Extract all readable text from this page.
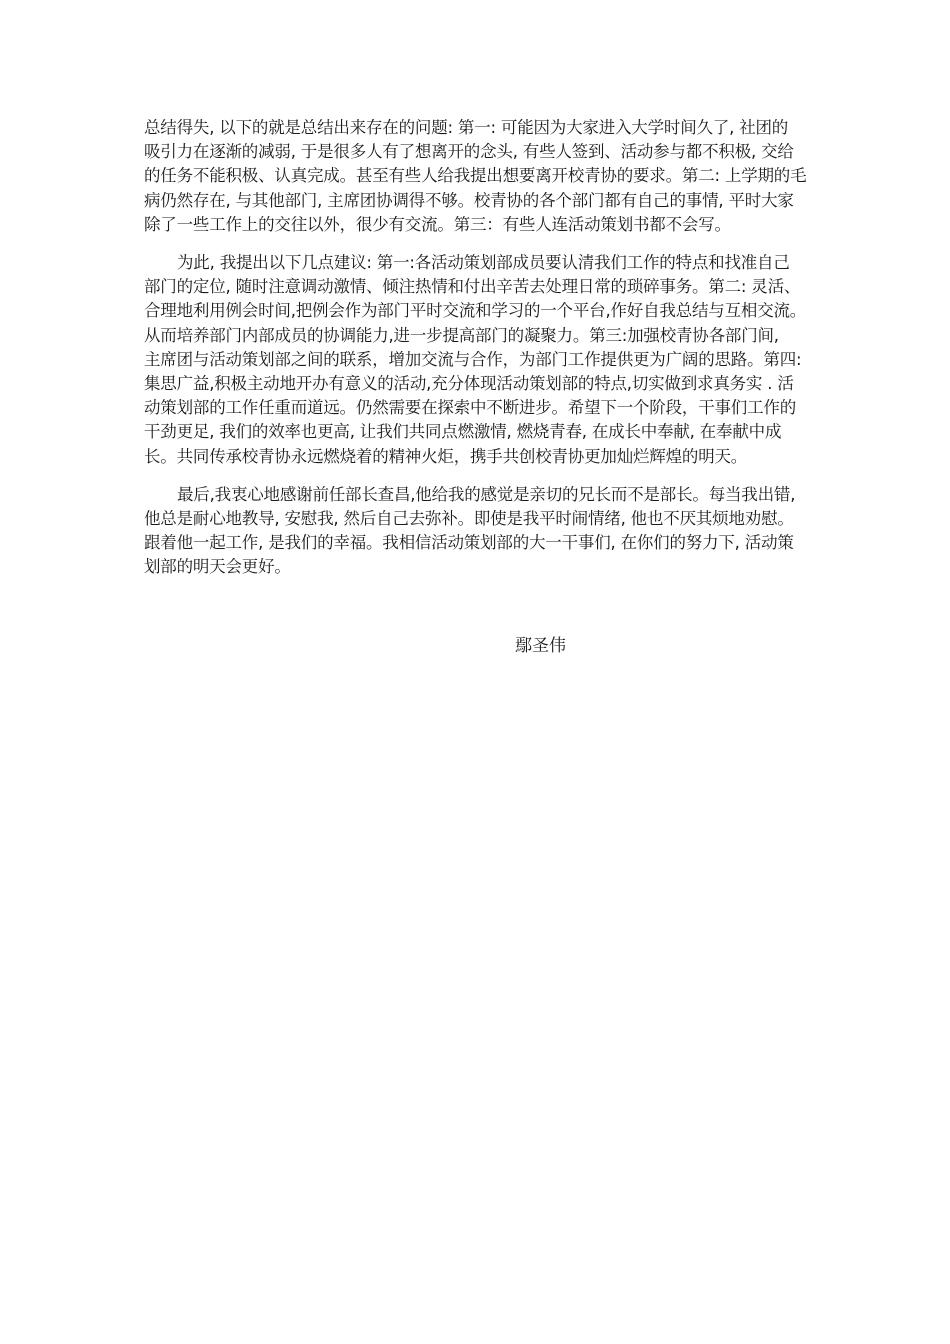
总结得失, 以下的就是总结出来存在的问题: 第一: 可能因为大家进入大学时间久了, 社团的
吸引力在逐渐的减弱, 于是很多人有了想离开的念头, 有些人签到、活动参与都不积极, 交给
的任务不能积极、认真完成。甚至有些人给我提出想要离开校青协的要求。第二: 上学期的毛
病仍然存在, 与其他部门, 主席团协调得不够。校青协的各个部门都有自己的事情, 平时大家
除了一些工作上的交往以外，很少有交流。第三：有些人连活动策划书都不会写。

为此, 我提出以下几点建议: 第一:各活动策划部成员要认清我们工作的特点和找准自己
部门的定位, 随时注意调动激情、倾注热情和付出辛苦去处理日常的琐碎事务。第二: 灵活、
合理地利用例会时间,把例会作为部门平时交流和学习的一个平台,作好自我总结与互相交流。
从而培养部门内部成员的协调能力,进一步提高部门的凝聚力。第三:加强校青协各部门间,
主席团与活动策划部之间的联系，增加交流与合作，为部门工作提供更为广阔的思路。第四:
集思广益,积极主动地开办有意义的活动,充分体现活动策划部的特点,切实做到求真务实 . 活
动策划部的工作任重而道远。仍然需要在探索中不断进步。希望下一个阶段，干事们工作的
干劲更足, 我们的效率也更高, 让我们共同点燃激情, 燃烧青春, 在成长中奉献, 在奉献中成
长。共同传承校青协永远燃烧着的精神火炬，携手共创校青协更加灿烂辉煌的明天。

最后,我衷心地感谢前任部长查昌,他给我的感觉是亲切的兄长而不是部长。每当我出错,
他总是耐心地教导, 安慰我, 然后自己去弥补。即使是我平时闹情绪, 他也不厌其烦地劝慰。
跟着他一起工作, 是我们的幸福。我相信活动策划部的大一干事们, 在你们的努力下, 活动策
划部的明天会更好。

鄢圣伟
